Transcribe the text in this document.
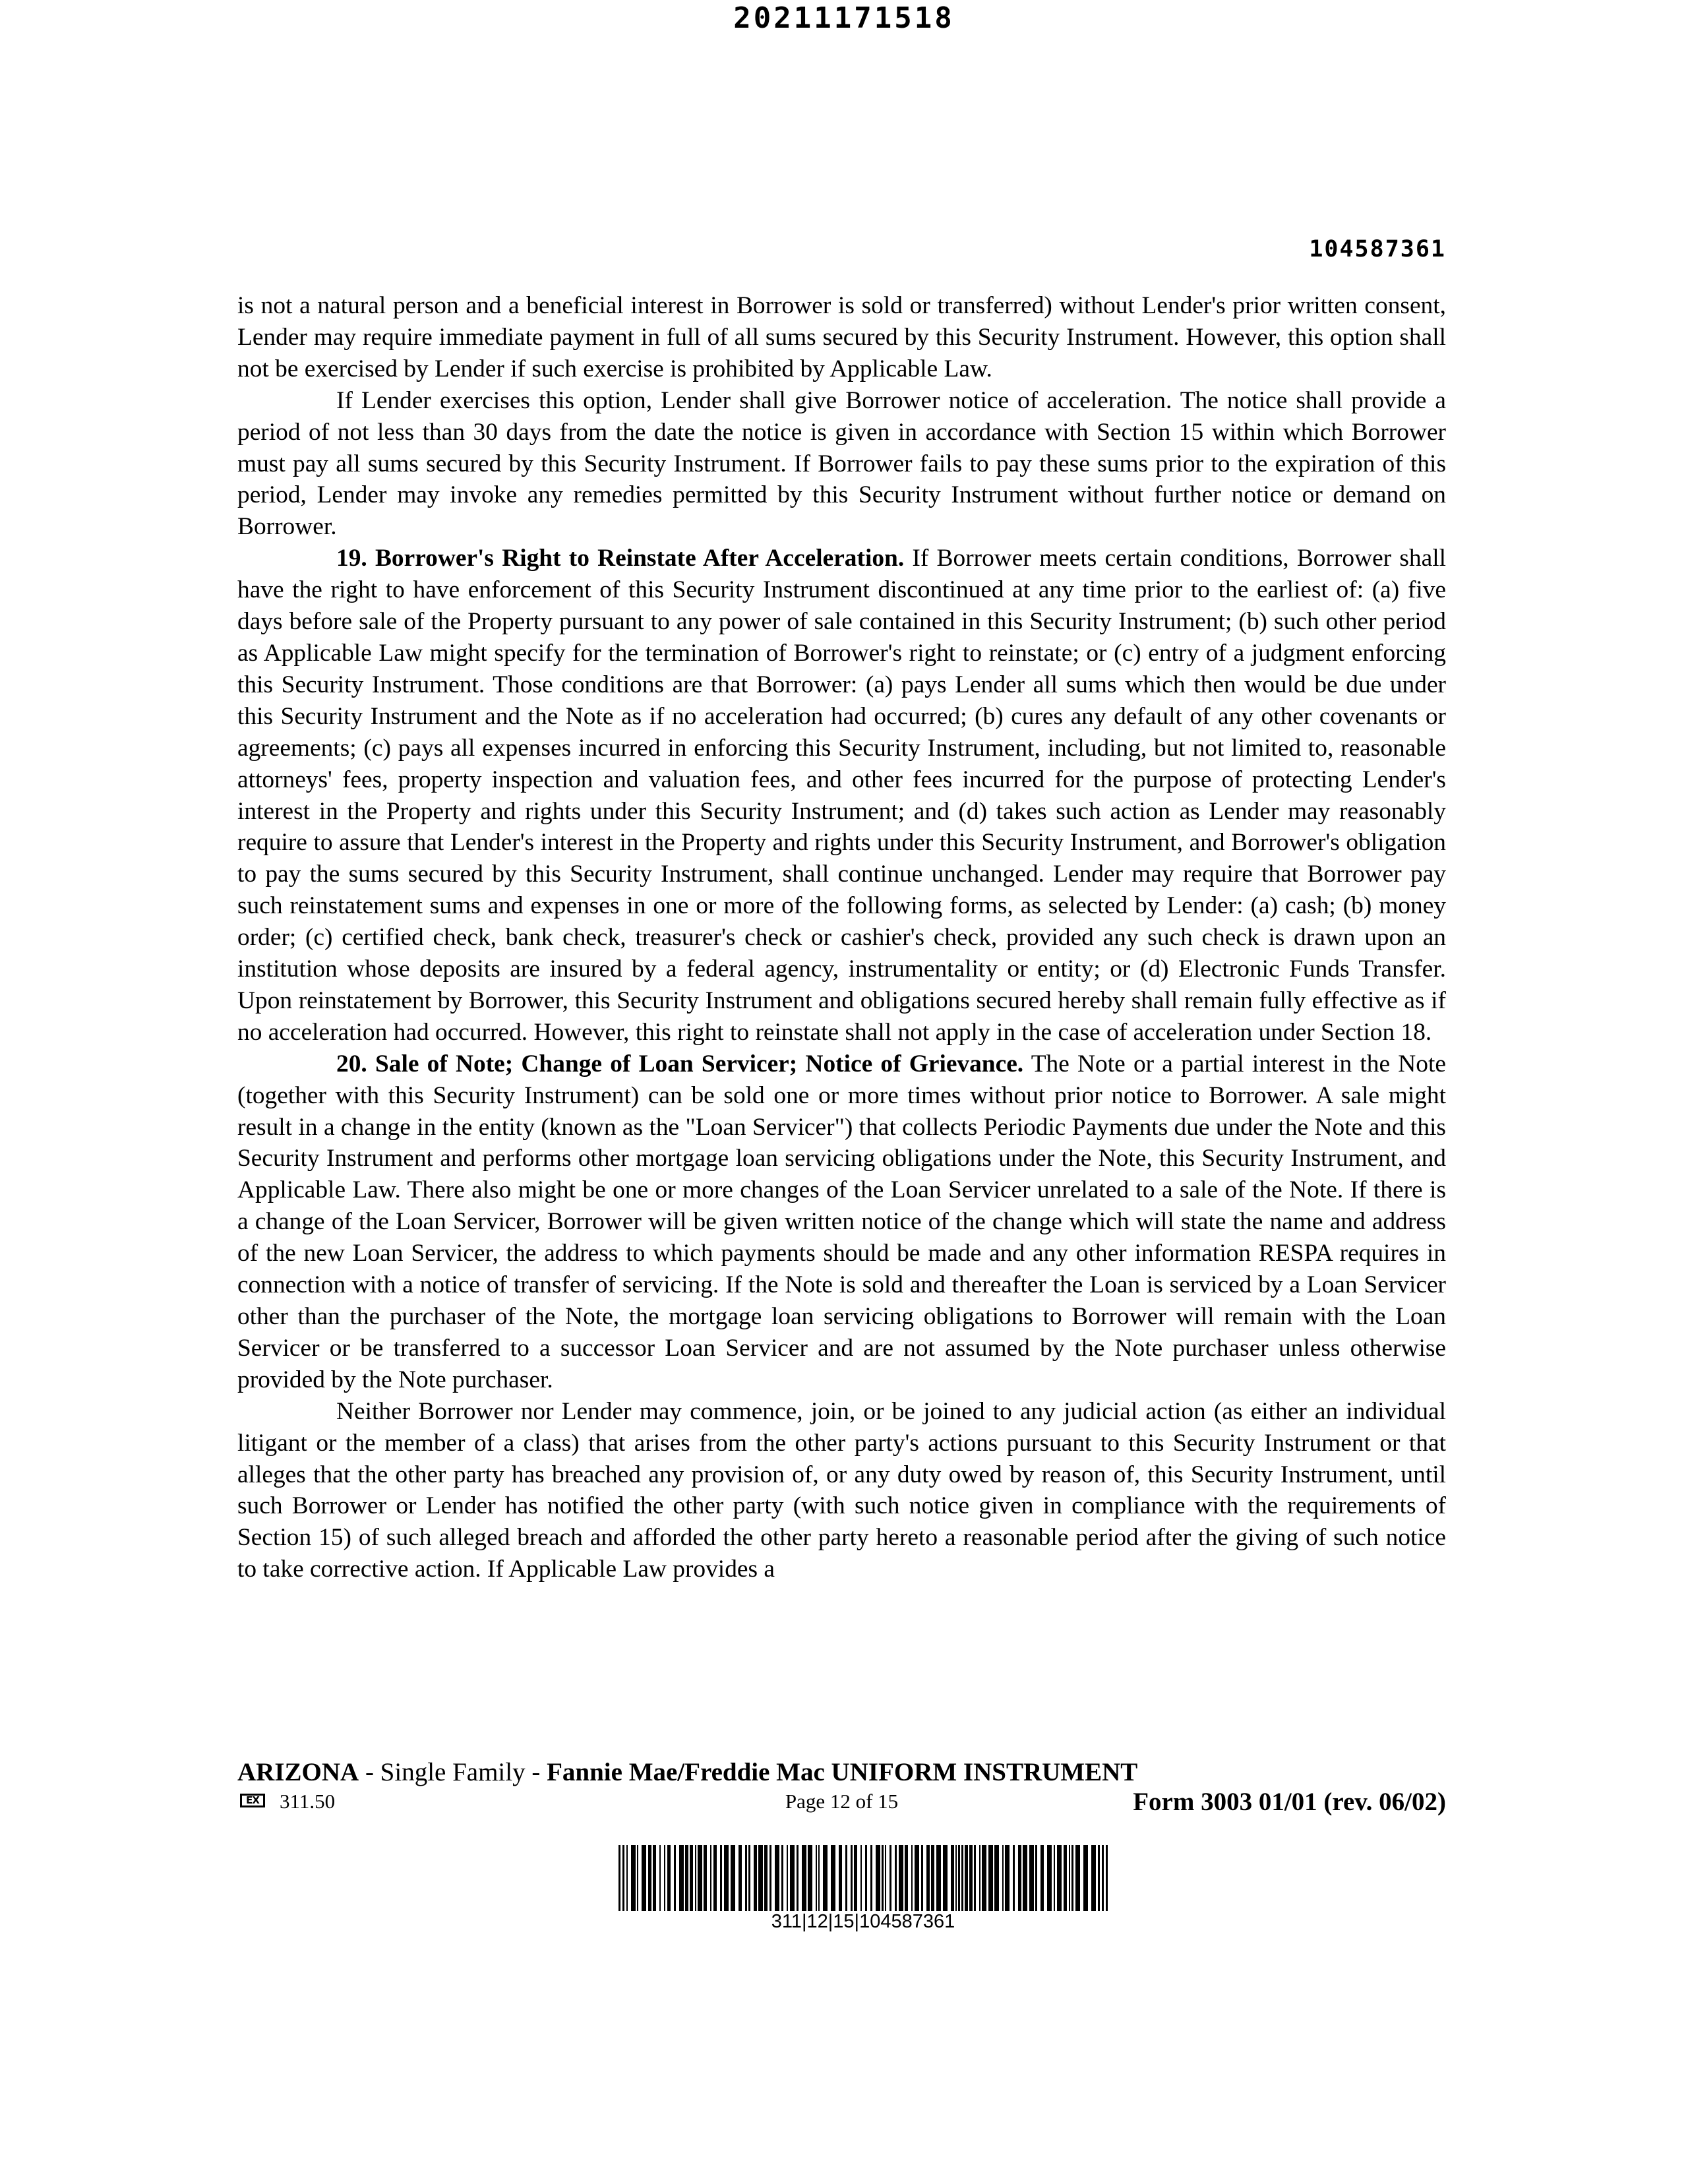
20211171518
104587361

is not a natural person and a beneficial interest in Borrower is sold or transferred) without Lender's prior written consent, Lender may require immediate payment in full of all sums secured by this Security Instrument. However, this option shall not be exercised by Lender if such exercise is prohibited by Applicable Law.

If Lender exercises this option, Lender shall give Borrower notice of acceleration. The notice shall provide a period of not less than 30 days from the date the notice is given in accordance with Section 15 within which Borrower must pay all sums secured by this Security Instrument. If Borrower fails to pay these sums prior to the expiration of this period, Lender may invoke any remedies permitted by this Security Instrument without further notice or demand on Borrower.

19. Borrower's Right to Reinstate After Acceleration. If Borrower meets certain conditions, Borrower shall have the right to have enforcement of this Security Instrument discontinued at any time prior to the earliest of: (a) five days before sale of the Property pursuant to any power of sale contained in this Security Instrument; (b) such other period as Applicable Law might specify for the termination of Borrower's right to reinstate; or (c) entry of a judgment enforcing this Security Instrument. Those conditions are that Borrower: (a) pays Lender all sums which then would be due under this Security Instrument and the Note as if no acceleration had occurred; (b) cures any default of any other covenants or agreements; (c) pays all expenses incurred in enforcing this Security Instrument, including, but not limited to, reasonable attorneys' fees, property inspection and valuation fees, and other fees incurred for the purpose of protecting Lender's interest in the Property and rights under this Security Instrument; and (d) takes such action as Lender may reasonably require to assure that Lender's interest in the Property and rights under this Security Instrument, and Borrower's obligation to pay the sums secured by this Security Instrument, shall continue unchanged. Lender may require that Borrower pay such reinstatement sums and expenses in one or more of the following forms, as selected by Lender: (a) cash; (b) money order; (c) certified check, bank check, treasurer's check or cashier's check, provided any such check is drawn upon an institution whose deposits are insured by a federal agency, instrumentality or entity; or (d) Electronic Funds Transfer. Upon reinstatement by Borrower, this Security Instrument and obligations secured hereby shall remain fully effective as if no acceleration had occurred. However, this right to reinstate shall not apply in the case of acceleration under Section 18.

20. Sale of Note; Change of Loan Servicer; Notice of Grievance. The Note or a partial interest in the Note (together with this Security Instrument) can be sold one or more times without prior notice to Borrower. A sale might result in a change in the entity (known as the "Loan Servicer") that collects Periodic Payments due under the Note and this Security Instrument and performs other mortgage loan servicing obligations under the Note, this Security Instrument, and Applicable Law. There also might be one or more changes of the Loan Servicer unrelated to a sale of the Note. If there is a change of the Loan Servicer, Borrower will be given written notice of the change which will state the name and address of the new Loan Servicer, the address to which payments should be made and any other information RESPA requires in connection with a notice of transfer of servicing. If the Note is sold and thereafter the Loan is serviced by a Loan Servicer other than the purchaser of the Note, the mortgage loan servicing obligations to Borrower will remain with the Loan Servicer or be transferred to a successor Loan Servicer and are not assumed by the Note purchaser unless otherwise provided by the Note purchaser.

Neither Borrower nor Lender may commence, join, or be joined to any judicial action (as either an individual litigant or the member of a class) that arises from the other party's actions pursuant to this Security Instrument or that alleges that the other party has breached any provision of, or any duty owed by reason of, this Security Instrument, until such Borrower or Lender has notified the other party (with such notice given in compliance with the requirements of Section 15) of such alleged breach and afforded the other party hereto a reasonable period after the giving of such notice to take corrective action. If Applicable Law provides a

ARIZONA - Single Family - Fannie Mae/Freddie Mac UNIFORM INSTRUMENT
EX 311.50	Page 12 of 15	Form 3003 01/01 (rev. 06/02)
311|12|15|104587361
